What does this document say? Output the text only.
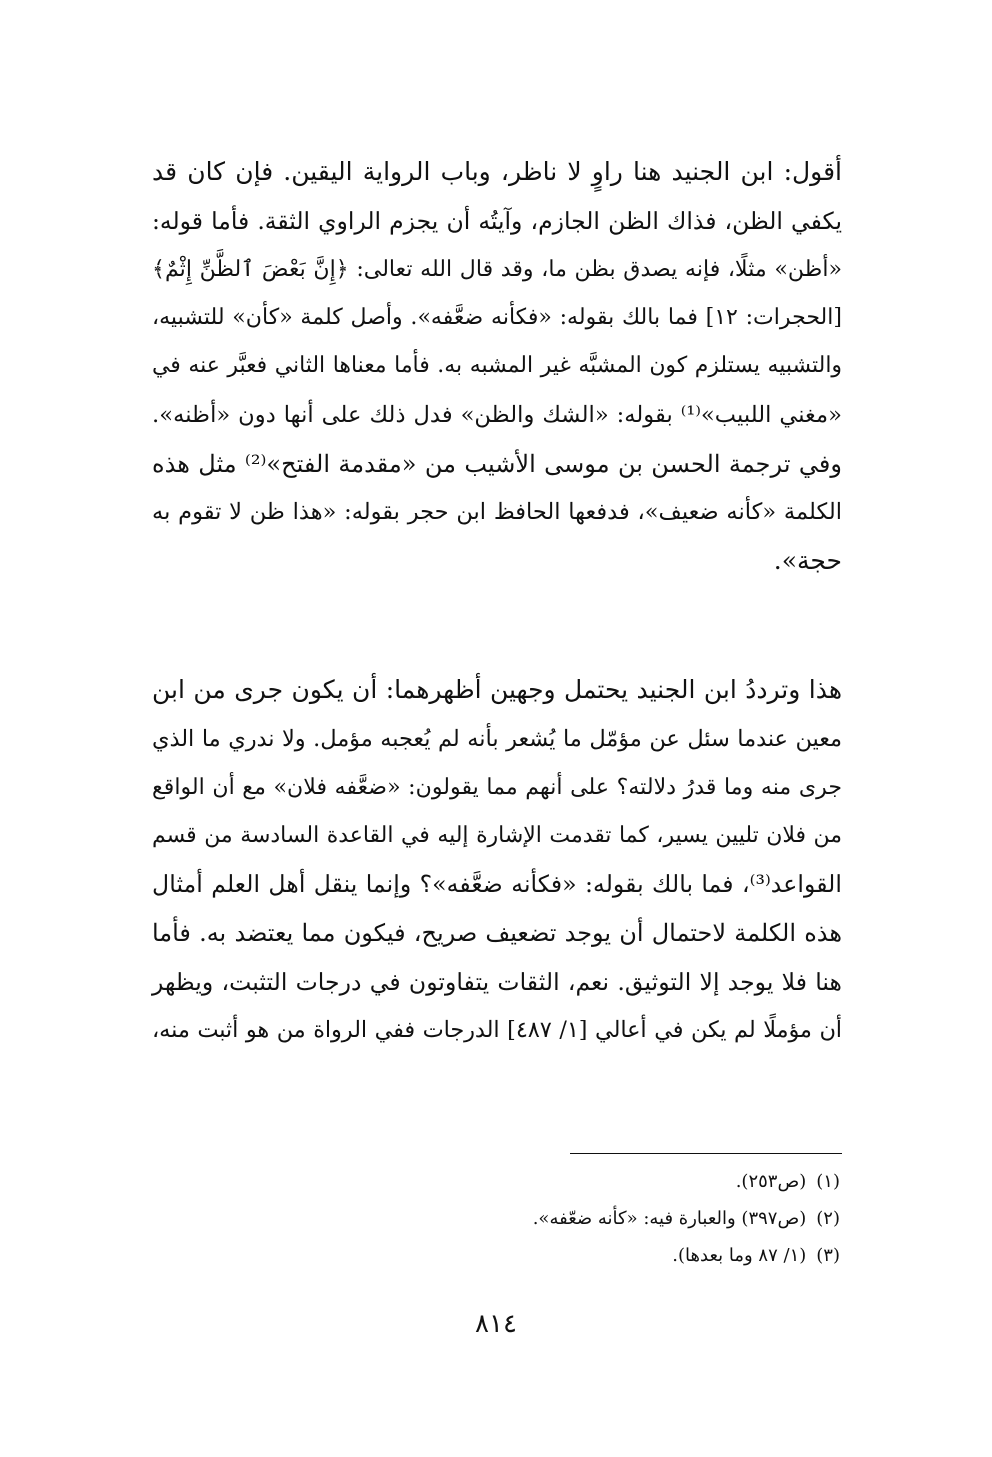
أقول: ابن الجنيد هنا راوٍ لا ناظر، وباب الرواية اليقين. فإن كان قد
يكفي الظن، فذاك الظن الجازم، وآيتُه أن يجزم الراوي الثقة. فأما قوله:
«أظن» مثلًا، فإنه يصدق بظن ما، وقد قال الله تعالى: ﴿إِنَّ بَعْضَ ٱلظَّنِّ إِثْمٌ﴾
[الحجرات: ١٢] فما بالك بقوله: «فكأنه ضعَّفه». وأصل كلمة «كأن» للتشبيه،
والتشبيه يستلزم كون المشبَّه غير المشبه به. فأما معناها الثاني فعبَّر عنه في
«مغني اللبيب»⁽¹⁾ بقوله: «الشك والظن» فدل ذلك على أنها دون «أظنه».
وفي ترجمة الحسن بن موسى الأشيب من «مقدمة الفتح»⁽²⁾ مثل هذه
الكلمة «كأنه ضعيف»، فدفعها الحافظ ابن حجر بقوله: «هذا ظن لا تقوم به
حجة».
هذا وترددُ ابن الجنيد يحتمل وجهين أظهرهما: أن يكون جرى من ابن
معين عندما سئل عن مؤمّل ما يُشعر بأنه لم يُعجبه مؤمل. ولا ندري ما الذي
جرى منه وما قدرُ دلالته؟ على أنهم مما يقولون: «ضعَّفه فلان» مع أن الواقع
من فلان تليين يسير، كما تقدمت الإشارة إليه في القاعدة السادسة من قسم
القواعد⁽³⁾، فما بالك بقوله: «فكأنه ضعَّفه»؟ وإنما ينقل أهل العلم أمثال
هذه الكلمة لاحتمال أن يوجد تضعيف صريح، فيكون مما يعتضد به. فأما
هنا فلا يوجد إلا التوثيق. نعم، الثقات يتفاوتون في درجات التثبت، ويظهر
أن مؤملًا لم يكن في أعالي [١/ ٤٨٧] الدرجات ففي الرواة من هو أثبت منه،
(١)(ص٢٥٣).
(٢)(ص٣٩٧) والعبارة فيه: «كأنه ضعّفه».
(٣)(١/ ٨٧ وما بعدها).
٨١٤
